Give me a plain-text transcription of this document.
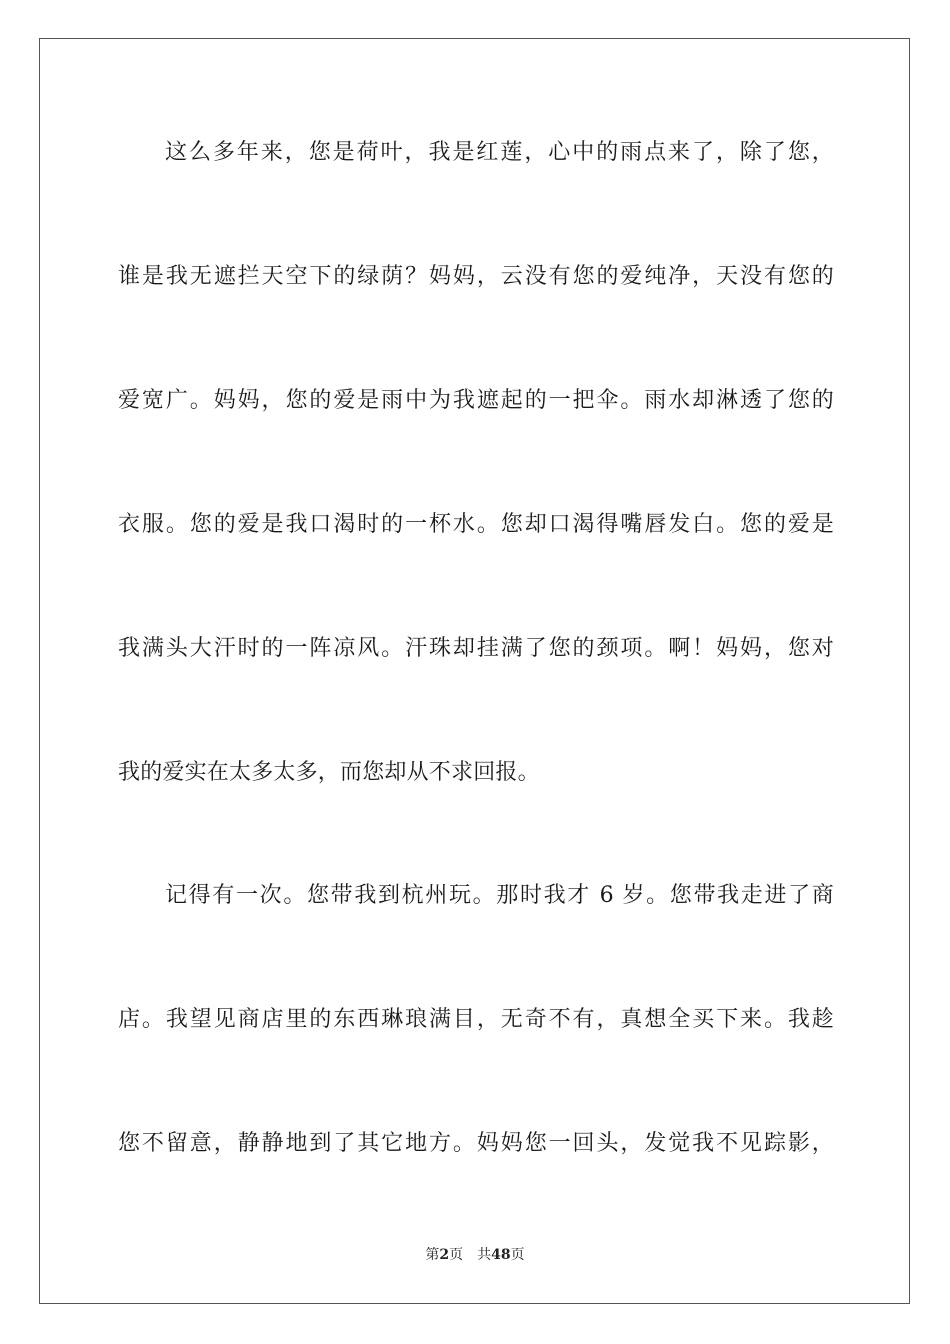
这么多年来，您是荷叶，我是红莲，心中的雨点来了，除了您，
谁是我无遮拦天空下的绿荫？妈妈，云没有您的爱纯净，天没有您的
爱宽广。妈妈，您的爱是雨中为我遮起的一把伞。雨水却淋透了您的
衣服。您的爱是我口渴时的一杯水。您却口渴得嘴唇发白。您的爱是
我满头大汗时的一阵凉风。汗珠却挂满了您的颈项。啊！妈妈，您对
我的爱实在太多太多，而您却从不求回报。
记得有一次。您带我到杭州玩。那时我才 6 岁。您带我走进了商
店。我望见商店里的东西琳琅满目，无奇不有，真想全买下来。我趁
您不留意，静静地到了其它地方。妈妈您一回头，发觉我不见踪影，
第2页 共48页
